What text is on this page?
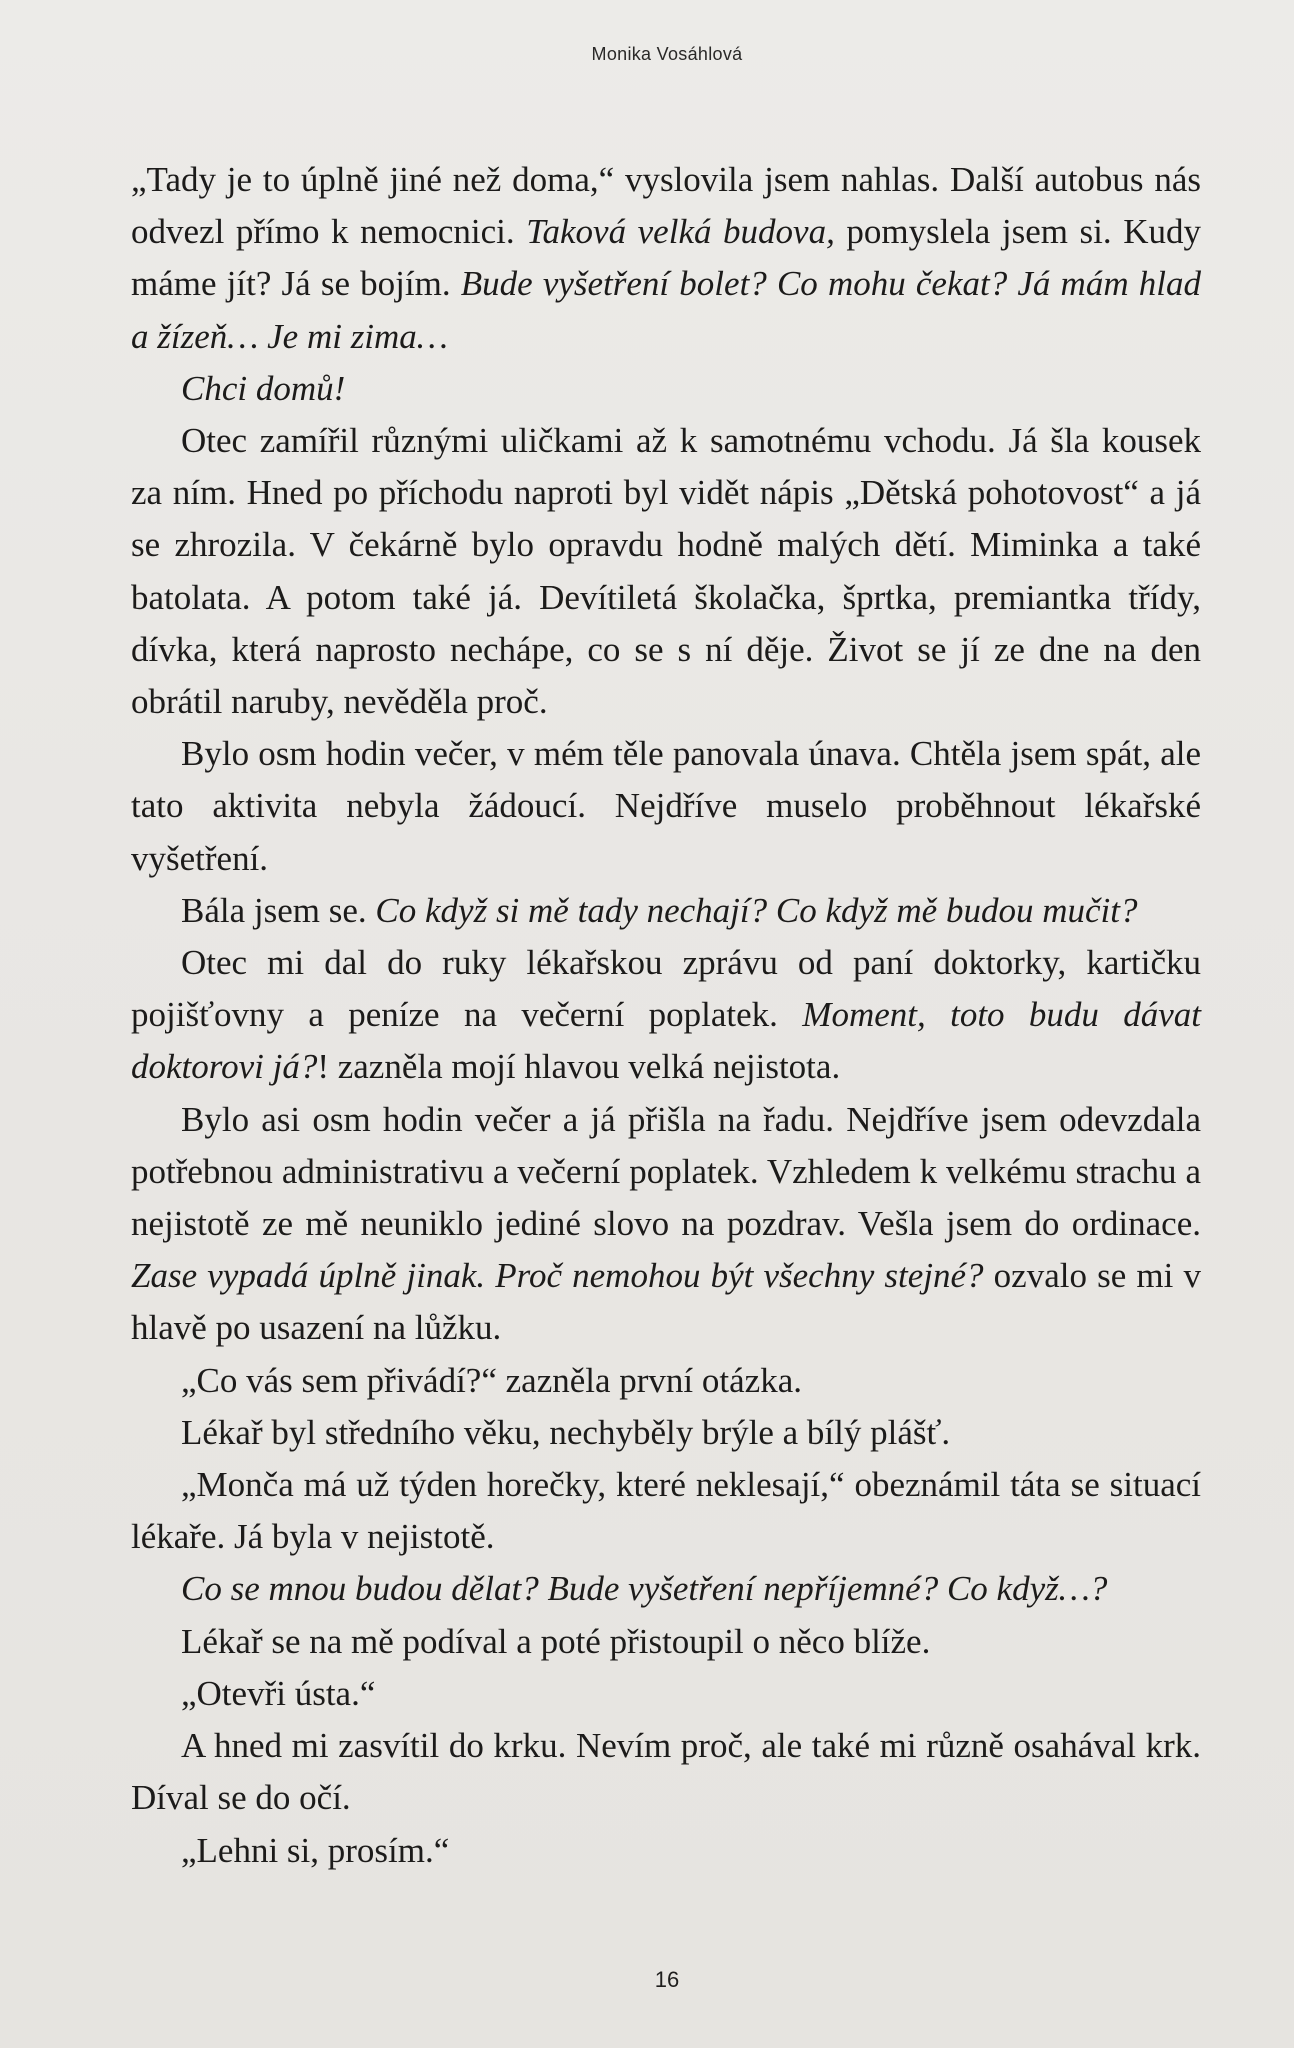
Monika Vosáhlová

„Tady je to úplně jiné než doma,“ vyslovila jsem nahlas. Další autobus nás odvezl přímo k nemocnici. Taková velká budova, pomyslela jsem si. Kudy máme jít? Já se bojím. Bude vyšetření bolet? Co mohu čekat? Já mám hlad a žízeň… Je mi zima…

Chci domů!

Otec zamířil různými uličkami až k samotnému vchodu. Já šla kousek za ním. Hned po příchodu naproti byl vidět nápis „Dětská pohotovost“ a já se zhrozila. V čekárně bylo opravdu hodně malých dětí. Miminka a také batolata. A potom také já. Devítiletá školačka, šprtka, premiantka třídy, dívka, která naprosto nechápe, co se s ní děje. Život se jí ze dne na den obrátil naruby, nevěděla proč.

Bylo osm hodin večer, v mém těle panovala únava. Chtěla jsem spát, ale tato aktivita nebyla žádoucí. Nejdříve muselo proběhnout lékařské vyšetření.

Bála jsem se. Co když si mě tady nechají? Co když mě budou mučit?

Otec mi dal do ruky lékařskou zprávu od paní doktorky, kartičku pojišťovny a peníze na večerní poplatek. Moment, toto budu dávat doktorovi já?! zazněla mojí hlavou velká nejistota.

Bylo asi osm hodin večer a já přišla na řadu. Nejdříve jsem odevzdala potřebnou administrativu a večerní poplatek. Vzhledem k velkému strachu a nejistotě ze mě neuniklo jediné slovo na pozdrav. Vešla jsem do ordinace. Zase vypadá úplně jinak. Proč nemohou být všechny stejné? ozvalo se mi v hlavě po usazení na lůžku.

„Co vás sem přivádí?“ zazněla první otázka.

Lékař byl středního věku, nechyběly brýle a bílý plášť.

„Monča má už týden horečky, které neklesají,“ obeznámil táta se situací lékaře. Já byla v nejistotě.

Co se mnou budou dělat? Bude vyšetření nepříjemné? Co když…?

Lékař se na mě podíval a poté přistoupil o něco blíže.

„Otevři ústa.“

A hned mi zasvítil do krku. Nevím proč, ale také mi různě osahával krk. Díval se do očí.

„Lehni si, prosím.“

16
